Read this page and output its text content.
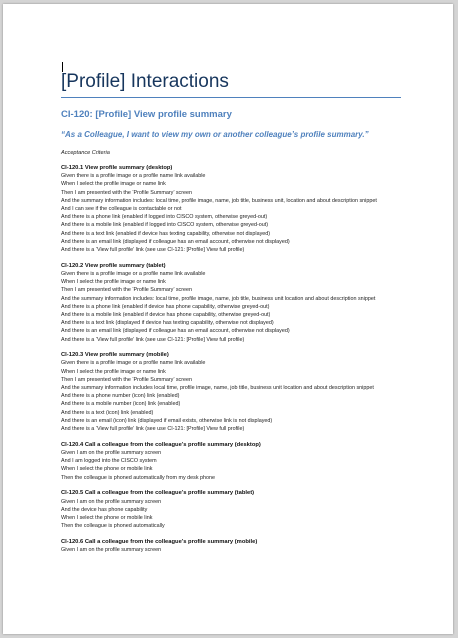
[Profile] Interactions
CI-120: [Profile] View profile summary
“As a Colleague, I want to view my own or another colleague’s profile summary.”
Acceptance Criteria
CI-120.1 View profile summary (desktop)
Given there is a profile image or a profile name link available
When I select the profile image or name link
Then I am presented with the ‘Profile Summary’ screen
And the summary information includes: local time, profile image, name, job title, business unit, location and about description snippet
And I can see if the colleague is contactable or not
And there is a phone link (enabled if logged into CISCO system, otherwise greyed-out)
And there is a mobile link (enabled if logged into CISCO system, otherwise greyed-out)
And there is a text link (enabled if device has texting capability, otherwise not displayed)
And there is an email link (displayed if colleague has an email account, otherwise not displayed)
And there is a ‘View full profile’ link (see use CI-121: [Profile] View full profile)
CI-120.2 View profile summary (tablet)
Given there is a profile image or a profile name link available
When I select the profile image or name link
Then I am presented with the ‘Profile Summary’ screen
And the summary information includes: local time, profile image, name, job title, business unit location and about description snippet
And there is a phone link (enabled if device has phone capability, otherwise greyed-out)
And there is a mobile link (enabled if device has phone capability, otherwise greyed-out)
And there is a text link (displayed if device has texting capability, otherwise not displayed)
And there is an email link (displayed if colleague has an email account, otherwise not displayed)
And there is a ‘View full profile’ link (see use CI-121: [Profile] View full profile)
CI-120.3 View profile summary (mobile)
Given there is a profile image or a profile name link available
When I select the profile image or name link
Then I am presented with the ‘Profile Summary’ screen
And the summary information includes local time, profile image, name, job title, business unit location and about description snippet
And there is a phone number (icon) link (enabled)
And there is a mobile number (icon) link (enabled)
And there is a text (icon) link (enabled)
And there is an email (icon) link (displayed if email exists, otherwise link is not displayed)
And there is a ‘View full profile’ link (see use CI-121: [Profile] View full profile)
CI-120.4 Call a colleague from the colleague’s profile summary (desktop)
Given I am on the profile summary screen
And I am logged into the CISCO system
When I select the phone or mobile link
Then the colleague is phoned automatically from my desk phone
CI-120.5 Call a colleague from the colleague’s profile summary (tablet)
Given I am on the profile summary screen
And the device has phone capability
When I select the phone or mobile link
Then the colleague is phoned automatically
CI-120.6 Call a colleague from the colleague’s profile summary (mobile)
Given I am on the profile summary screen
